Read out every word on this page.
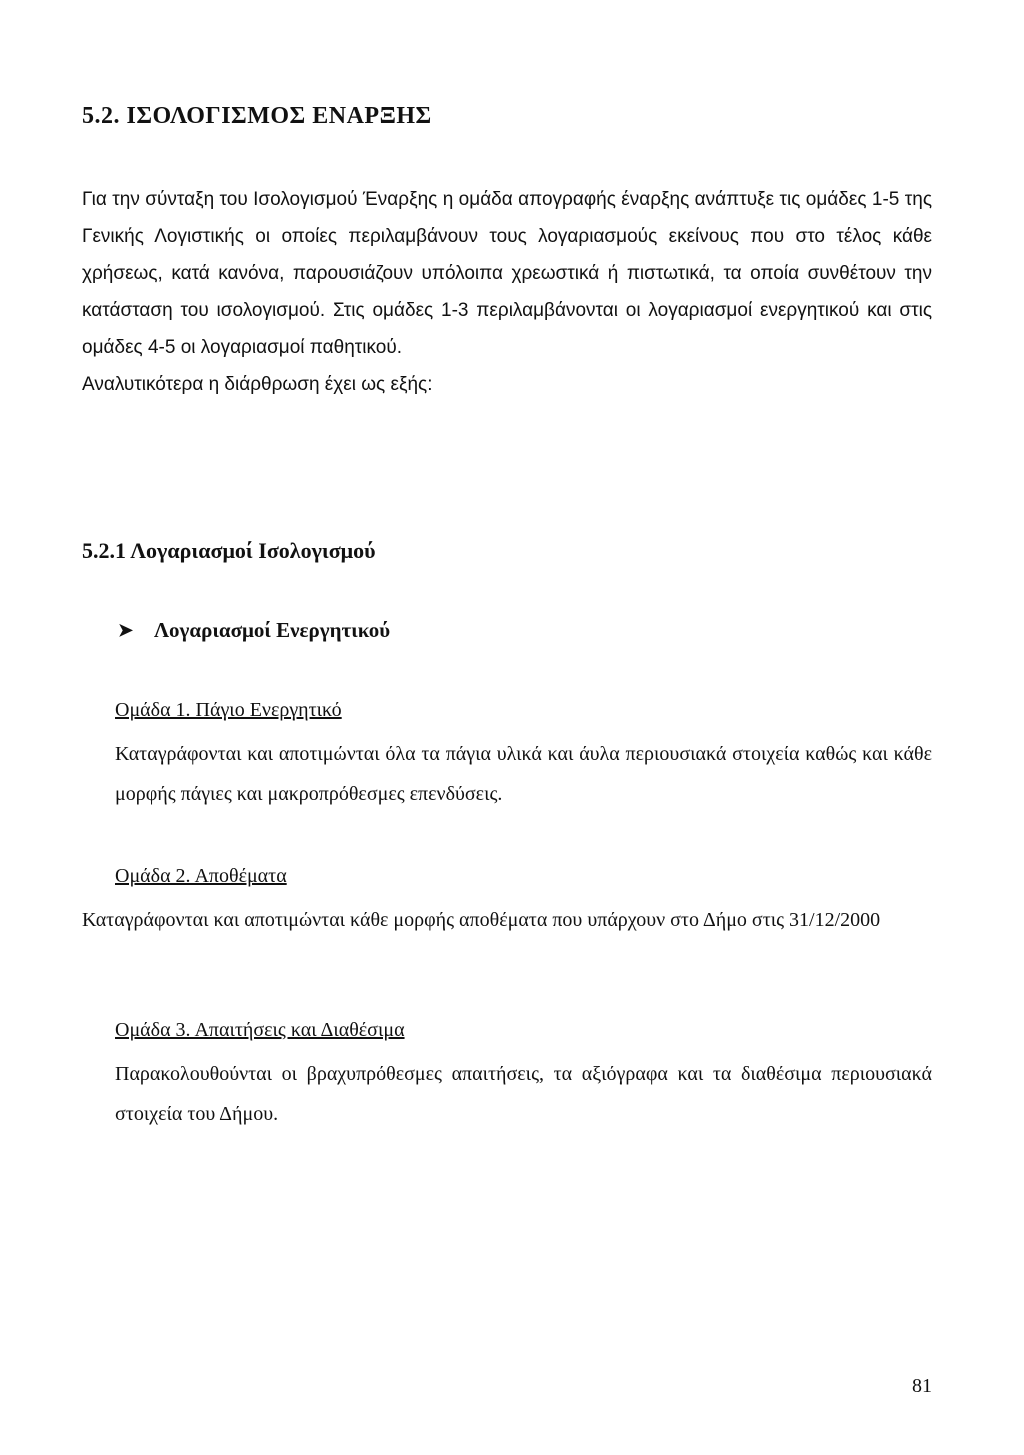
5.2. ΙΣΟΛΟΓΙΣΜΟΣ ΕΝΑΡΞΗΣ

Για την σύνταξη του Ισολογισμού Έναρξης η ομάδα απογραφής έναρξης ανάπτυξε τις ομάδες 1-5 της Γενικής Λογιστικής οι οποίες περιλαμβάνουν τους λογαριασμούς εκείνους που στο τέλος κάθε χρήσεως, κατά κανόνα, παρουσιάζουν υπόλοιπα χρεωστικά ή πιστωτικά, τα οποία συνθέτουν την κατάσταση του ισολογισμού. Στις ομάδες 1-3 περιλαμβάνονται οι λογαριασμοί ενεργητικού και στις ομάδες 4-5 οι λογαριασμοί παθητικού.

Αναλυτικότερα η διάρθρωση έχει ως εξής:

5.2.1 Λογαριασμοί Ισολογισμού
➤ Λογαριασμοί Ενεργητικού
Ομάδα 1. Πάγιο Ενεργητικό

Καταγράφονται και αποτιμώνται όλα τα πάγια υλικά και άυλα περιουσιακά στοιχεία καθώς και κάθε μορφής πάγιες και μακροπρόθεσμες επενδύσεις.

Ομάδα 2. Αποθέματα

Καταγράφονται και αποτιμώνται κάθε μορφής αποθέματα που υπάρχουν στο Δήμο στις 31/12/2000

Ομάδα 3. Απαιτήσεις και Διαθέσιμα

Παρακολουθούνται οι βραχυπρόθεσμες απαιτήσεις, τα αξιόγραφα και τα διαθέσιμα περιουσιακά στοιχεία του Δήμου.

81
